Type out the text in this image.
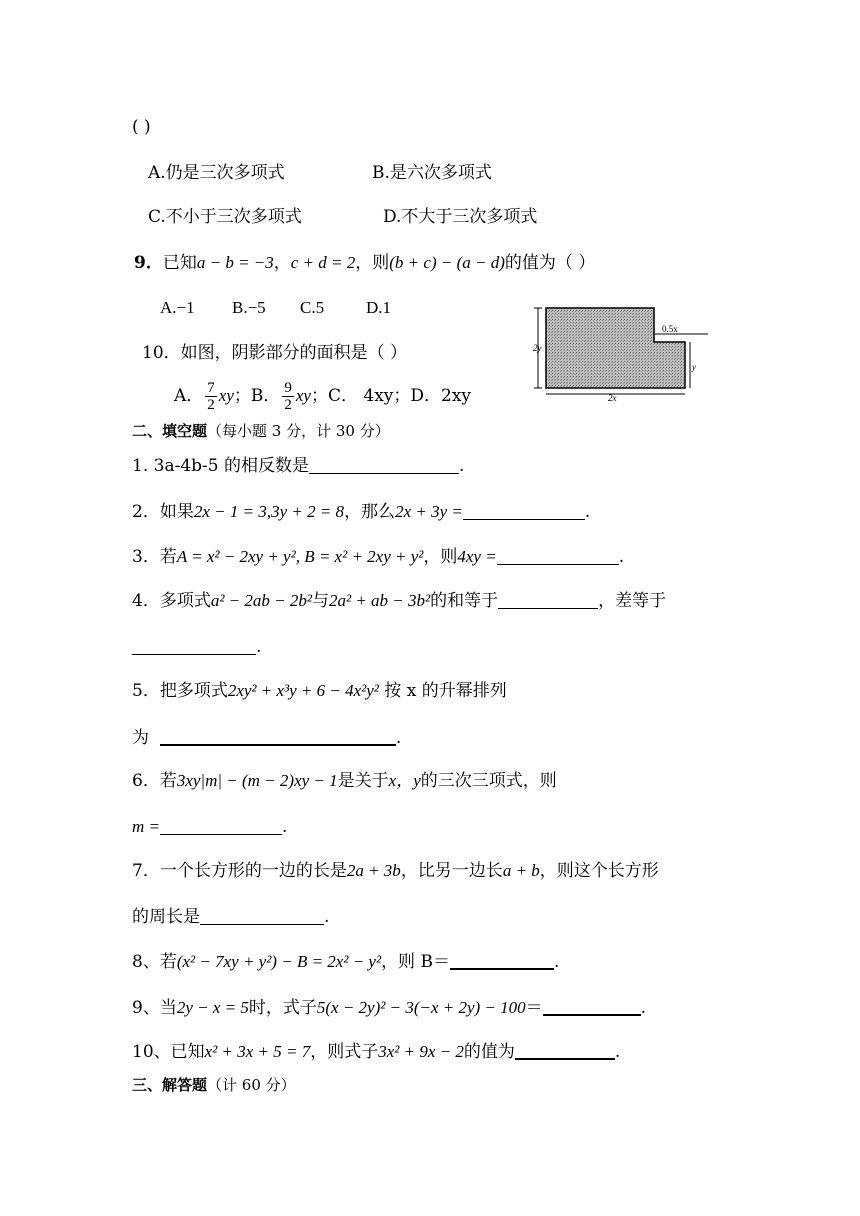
( )
A.仍是三次多项式	B.是六次多项式
C.不小于三次多项式	D.不大于三次多项式
9．已知a − b = −3，c + d = 2，则(b + c) − (a − d)的值为（ ）
A.−1 B.−5 C.5 D.1
10．如图，阴影部分的面积是（ ）
A． $\frac{7}{2}$ xy；B． $\frac{9}{2}$ xy；C． 4xy；D．2xy
2y
0.5x
y
2x
二、填空题（每小题 3 分，计 30 分）
1. 3a-4b-5 的相反数是	.
2．如果2x − 1 = 3,3y + 2 = 8，那么2x + 3y =	.
3．若A = x² − 2xy + y², B = x² + 2xy + y²，则4xy =	.
4．多项式a² − 2ab − 2b²与2a² + ab − 3b²的和等于	，差等于
.
5．把多项式2xy² + x³y + 6 − 4x²y² 按 x 的升幂排列
为	.
6．若3xy|m| − (m − 2)xy − 1是关于x，y的三次三项式，则
m =	.
7．一个长方形的一边的长是2a + 3b，比另一边长a + b，则这个长方形
的周长是	.
8、若(x² − 7xy + y²) − B = 2x² − y²，则 B＝	.
9、当2y − x = 5时，式子5(x − 2y)² − 3(−x + 2y) − 100＝	.
10、已知x² + 3x + 5 = 7，则式子3x² + 9x − 2的值为	.
三、解答题（计 60 分）
